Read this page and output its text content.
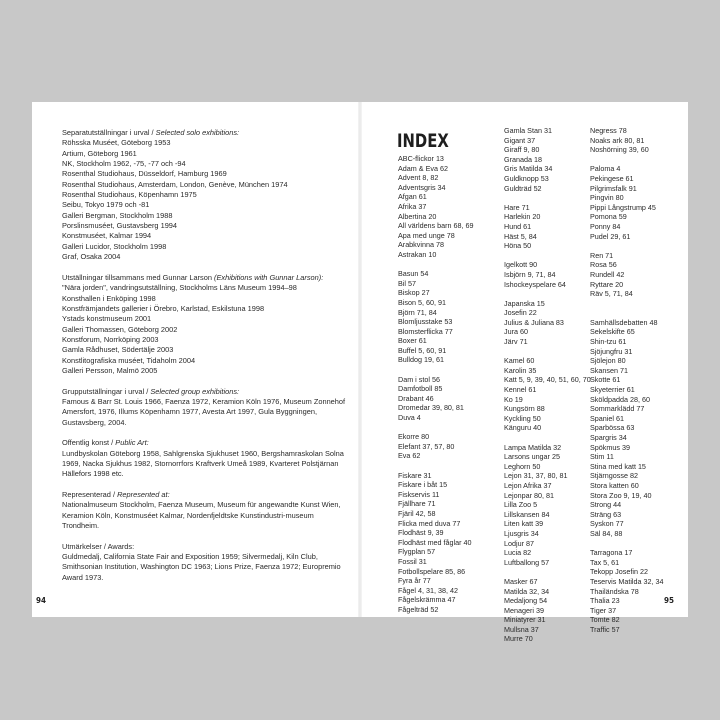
Separatutställningar i urval / Selected solo exhibitions:
Röhsska Muséet, Göteborg 1953
Artium, Göteborg 1961
NK, Stockholm 1962, -75, -77 och -94
Rosenthal Studiohaus, Düsseldorf, Hamburg 1969
Rosenthal Studiohaus, Amsterdam, London, Genève, München 1974
Rosenthal Studiohaus, Köpenhamn 1975
Seibu, Tokyo 1979 och -81
Galleri Bergman, Stockholm 1988
Porslinsmuséet, Gustavsberg 1994
Konstmuséet, Kalmar 1994
Galleri Lucidor, Stockholm 1998
Graf, Osaka 2004
Utställningar tillsammans med Gunnar Larson (Exhibitions with Gunnar Larson):
"Nära jorden", vandringsutställning, Stockholms Läns Museum 1994–98
Konsthallen i Enköping 1998
Konstfrämjandets gallerier i Örebro, Karlstad, Eskilstuna 1998
Ystads konstmuseum 2001
Galleri Thomassen, Göteborg 2002
Konstforum, Norrköping 2003
Gamla Rådhuset, Södertälje 2003
Konstlitografiska muséet, Tidaholm 2004
Galleri Persson, Malmö 2005
Grupputställningar i urval / Selected group exhibitions:
Famous & Barr St. Louis 1966, Faenza 1972, Keramion Köln 1976, Museum Zonnehof Amersfort, 1976, Illums Köpenhamn 1977, Avesta Art 1997, Gula Byggningen, Gustavsberg, 2004.
Offentlig konst / Public Art:
Lundbyskolan Göteborg 1958, Sahlgrenska Sjukhuset 1960, Bergshamraskolan Solna 1969, Nacka Sjukhus 1982, Stornorrfors Kraftverk Umeå 1989, Kvarteret Polstjärnan Hällefors 1998 etc.
Representerad / Represented at:
Nationalmuseum Stockholm, Faenza Museum, Museum für angewandte Kunst Wien, Keramion Köln, Konstmuséet Kalmar, Nordenfjeldtske Kunstindustri-museum Trondheim.
Utmärkelser / Awards:
Guldmedalj, California State Fair and Exposition 1959; Silvermedalj, Kiln Club, Smithsonian Institution, Washington DC 1963; Lions Prize, Faenza 1972; Europremio Award 1973.
94
INDEX
ABC-flickor 13
Adam & Eva 62
Advent 8, 82
Adventsgris 34
Afgan 61
Afrika 37
Albertina 20
All världens barn 68, 69
Apa med unge 78
Arabkvinna 78
Astrakan 10
Basun 54
Bil 57
Biskop 27
Bison 5, 60, 91
Björn 71, 84
Blomljusstake 53
Blomsterflicka 77
Boxer 61
Buffel 5, 60, 91
Bulldog 19, 61
Dam i stol 56
Damfotboll 85
Drabant 46
Dromedar 39, 80, 81
Duva 4
Ekorre 80
Elefant 37, 57, 80
Eva 62
Fiskare 31
Fiskare i båt 15
Fiskservis 11
Fjällhare 71
Fjäril 42, 58
Flicka med duva 77
Flodhäst 9, 39
Flodhäst med fåglar 40
Flygplan 57
Fossil 31
Fotbollspelare 85, 86
Fyra år 77
Fågel 4, 31, 38, 42
Fågelskrämma 47
Fågelträd 52
Gamla Stan 31
Gigant 37
Giraff 9, 80
Granada 18
Gris Matilda 34
Guldknopp 53
Guldträd 52
Hare 71
Harlekin 20
Hund 61
Häst 5, 84
Höna 50
Igelkott 90
Isbjörn 9, 71, 84
Ishockeyspelare 64
Japanska 15
Josefin 22
Julius & Juliana 83
Jura 60
Järv 71
Kamel 60
Karolin 35
Katt 5, 9, 39, 40, 51, 60, 70
Kennel 61
Ko 19
Kungsörn 88
Kyckling 50
Känguru 40
Lampa Matilda 32
Larsons ungar 25
Leghorn 50
Lejon 31, 37, 80, 81
Lejon Afrika 37
Lejonpar 80, 81
Lilla Zoo 5
Lillskansen 84
Liten katt 39
Ljusgris 34
Lodjur 87
Lucia 82
Luftballong 57
Masker 67
Matilda 32, 34
Medaljong 54
Menageri 39
Miniatyrer 31
Mullsna 37
Murre 70
Negress 78
Noaks ark 80, 81
Noshörning 39, 60
Paloma 4
Pekingese 61
Pilgrimsfalk 91
Pingvin 80
Pippi Långstrump 45
Pomona 59
Ponny 84
Pudel 29, 61
Ren 71
Rosa 56
Rundell 42
Ryttare 20
Räv 5, 71, 84
Samhällsdebatten 48
Sekelskifte 65
Shin-tzu 61
Sjöjungfru 31
Sjölejon 80
Skansen 71
Skotte 61
Skyeterrier 61
Sköldpadda 28, 60
Sommarklädd 77
Spaniel 61
Sparbössa 63
Spargris 34
Spökmus 39
Stim 11
Stina med katt 15
Stjärngosse 82
Stora katten 60
Stora Zoo 9, 19, 40
Strong 44
Sträng 63
Syskon 77
Säl 84, 88
Tarragona 17
Tax 5, 61
Tekopp Josefin 22
Teservis Matilda 32, 34
Thailändska 78
Thalia 23
Tiger 37
Tomte 82
Traffic 57
95
